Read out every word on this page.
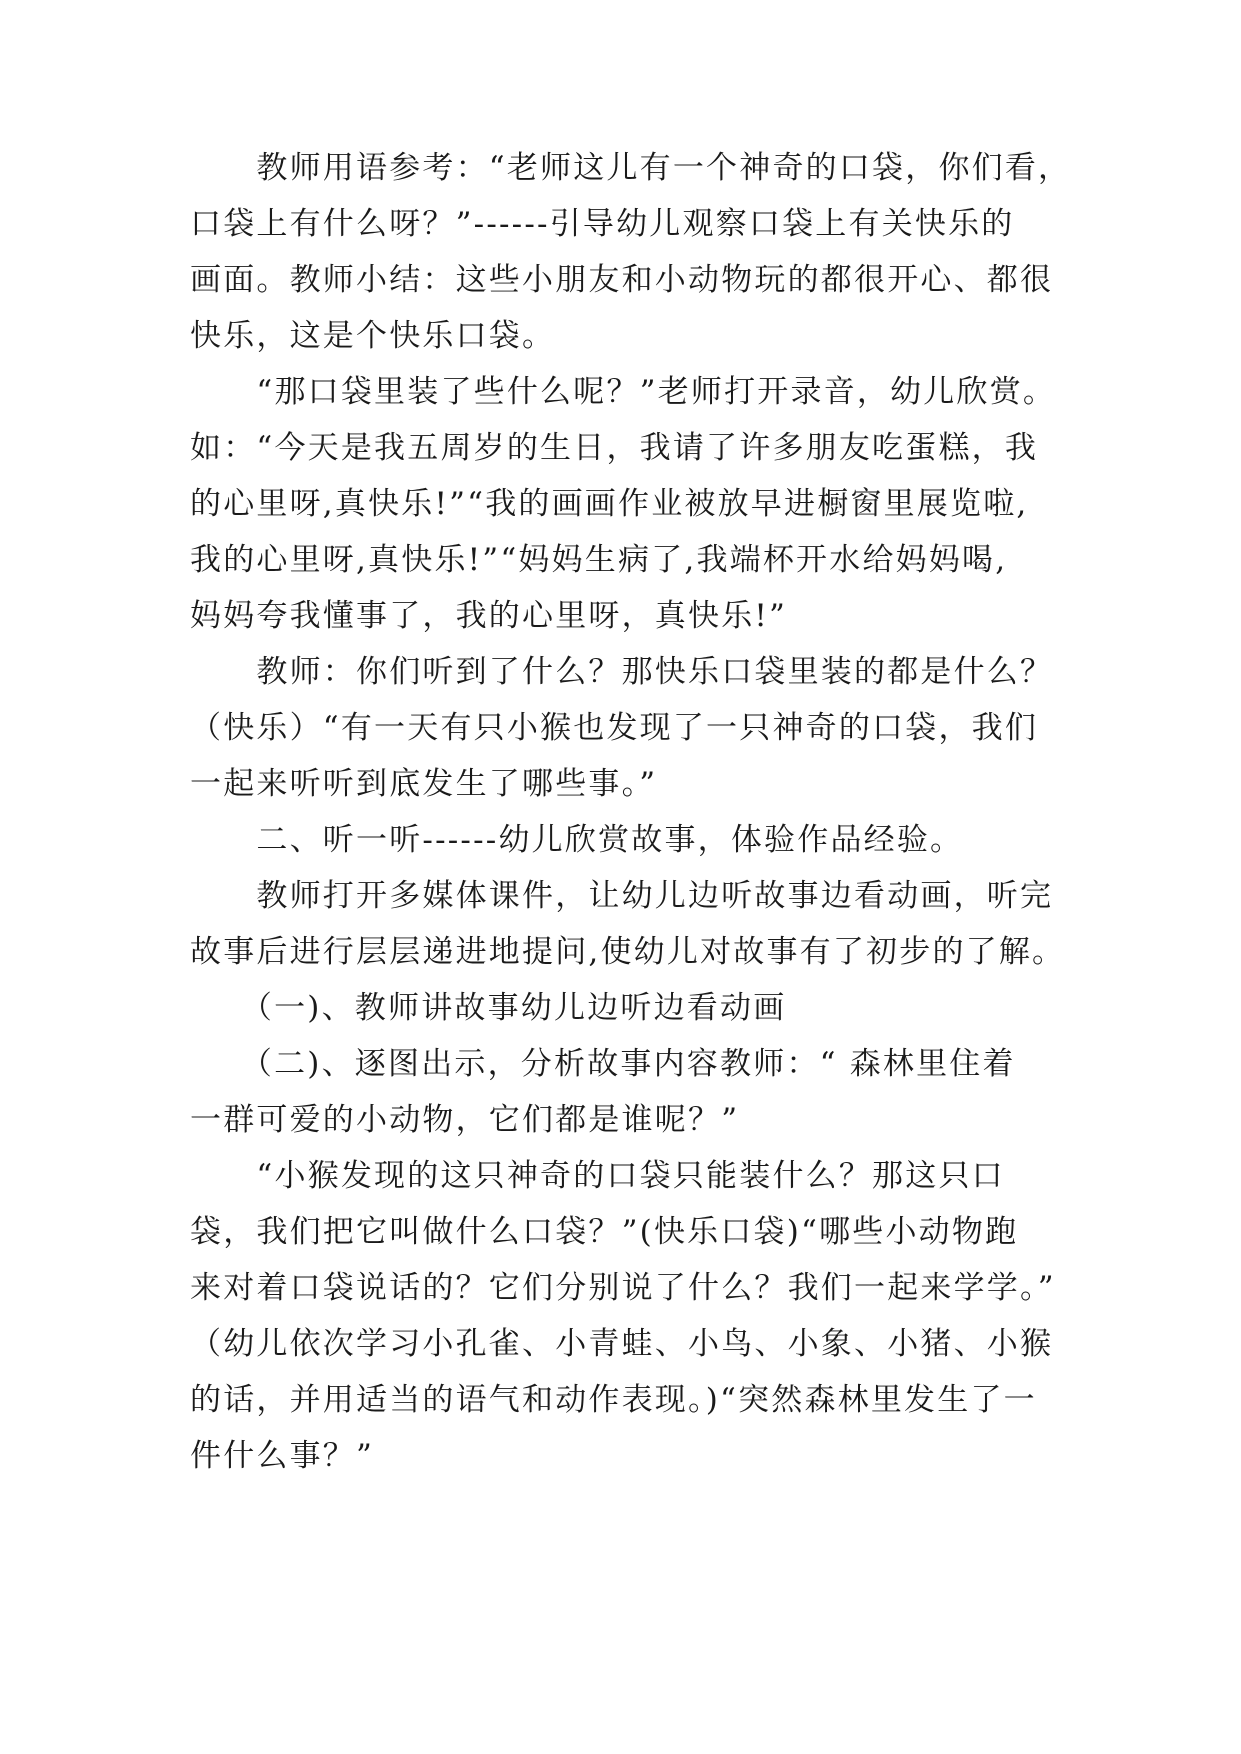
　　教师用语参考：“老师这儿有一个神奇的口袋，你们看，
口袋上有什么呀？”------引导幼儿观察口袋上有关快乐的
画面。教师小结：这些小朋友和小动物玩的都很开心、都很
快乐，这是个快乐口袋。
　　“那口袋里装了些什么呢？”老师打开录音，幼儿欣赏。
如：“今天是我五周岁的生日，我请了许多朋友吃蛋糕，我
的心里呀,真快乐!”“我的画画作业被放早进橱窗里展览啦,
我的心里呀,真快乐!”“妈妈生病了,我端杯开水给妈妈喝,
妈妈夸我懂事了，我的心里呀，真快乐!”
　　教师：你们听到了什么？那快乐口袋里装的都是什么？
（快乐）“有一天有只小猴也发现了一只神奇的口袋，我们
一起来听听到底发生了哪些事。”
　　二、听一听------幼儿欣赏故事，体验作品经验。
　　教师打开多媒体课件，让幼儿边听故事边看动画，听完
故事后进行层层递进地提问,使幼儿对故事有了初步的了解。
　　（一)、教师讲故事幼儿边听边看动画
　　（二)、逐图出示，分析故事内容教师：“ 森林里住着
一群可爱的小动物，它们都是谁呢？”
　　“小猴发现的这只神奇的口袋只能装什么？那这只口
袋，我们把它叫做什么口袋？”(快乐口袋)“哪些小动物跑
来对着口袋说话的？它们分别说了什么？我们一起来学学。”
（幼儿依次学习小孔雀、小青蛙、小鸟、小象、小猪、小猴
的话，并用适当的语气和动作表现。)“突然森林里发生了一
件什么事？”
